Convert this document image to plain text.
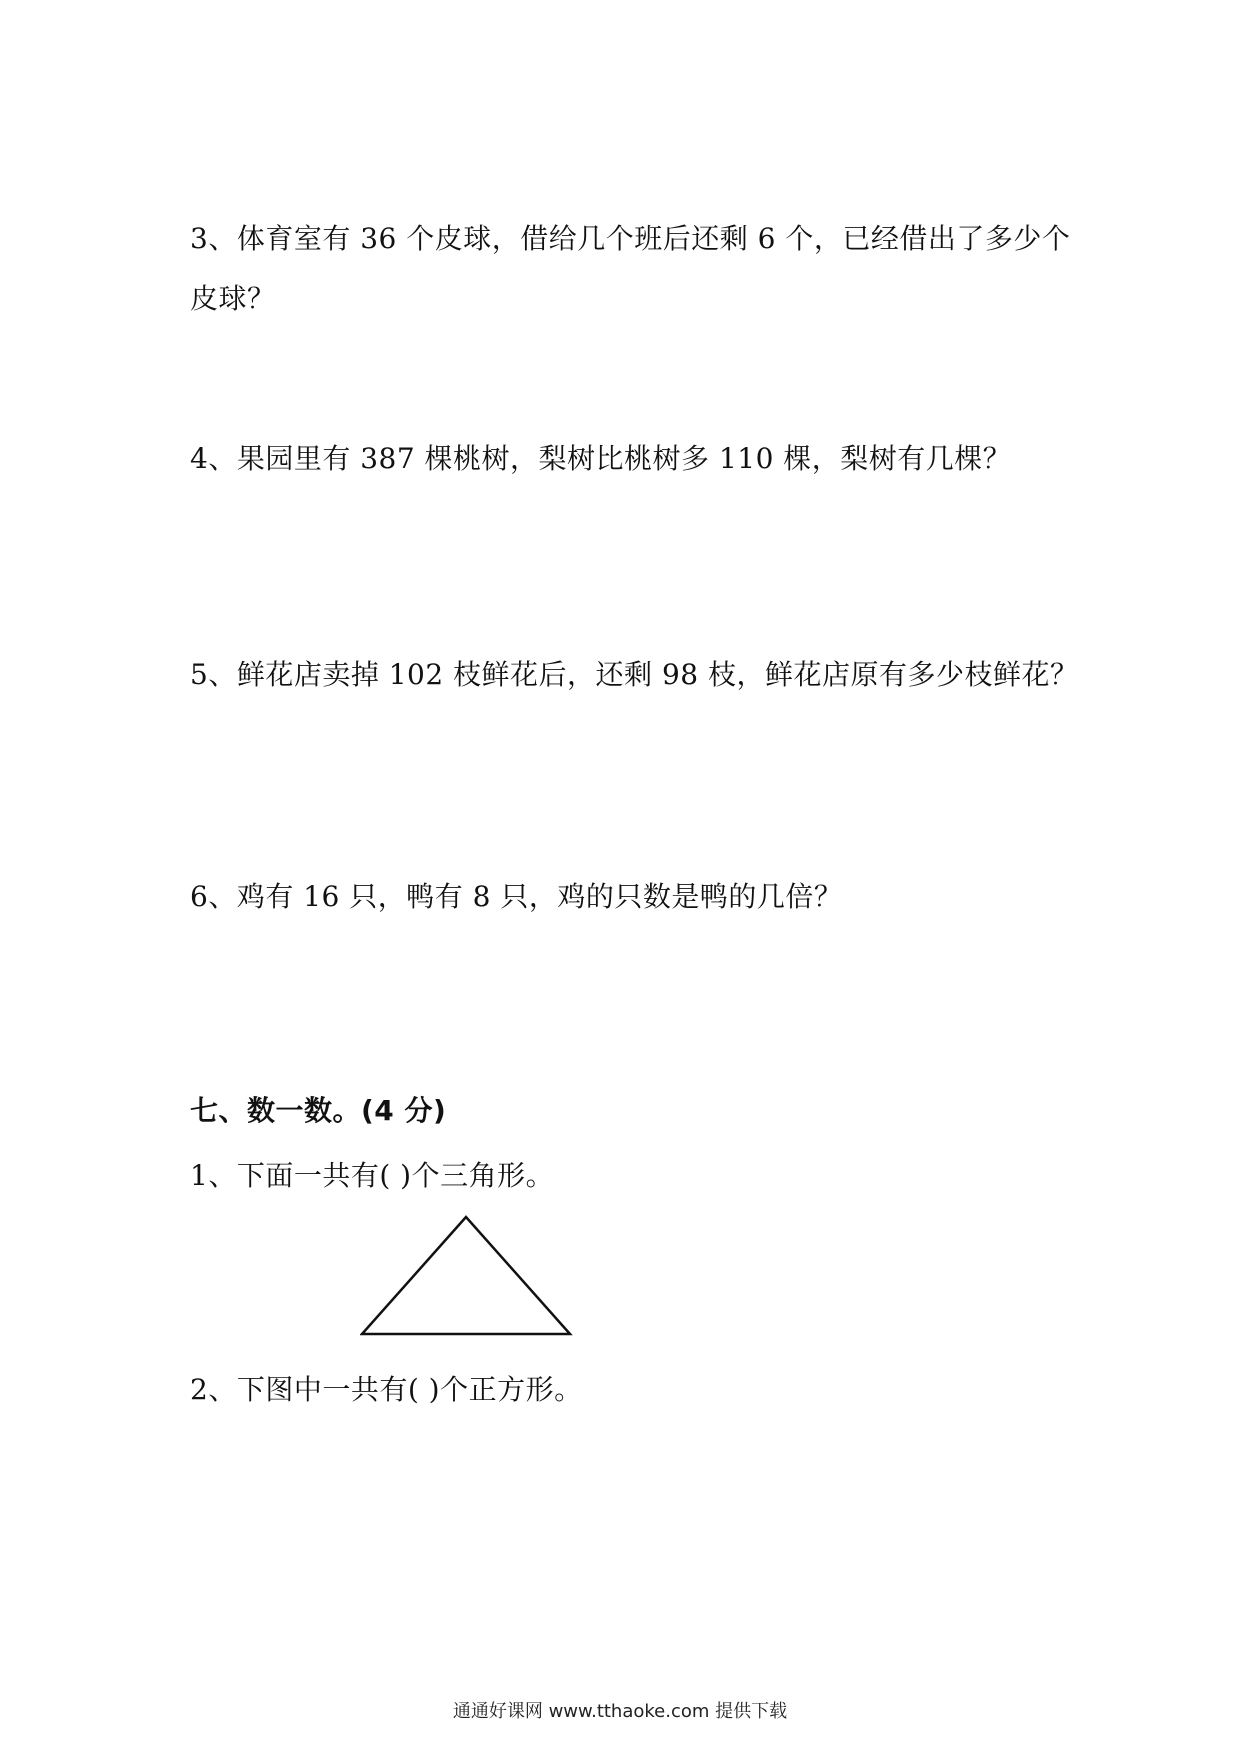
3、体育室有 36 个皮球，借给几个班后还剩 6 个，已经借出了多少个
皮球？
4、果园里有 387 棵桃树，梨树比桃树多 110 棵，梨树有几棵？
5、鲜花店卖掉 102 枝鲜花后，还剩 98 枝，鲜花店原有多少枝鲜花？
6、鸡有 16 只，鸭有 8 只，鸡的只数是鸭的几倍？
七、数一数。(4 分)
1、下面一共有( )个三角形。
2、下图中一共有( )个正方形。
通通好课网 www.tthaoke.com 提供下载
